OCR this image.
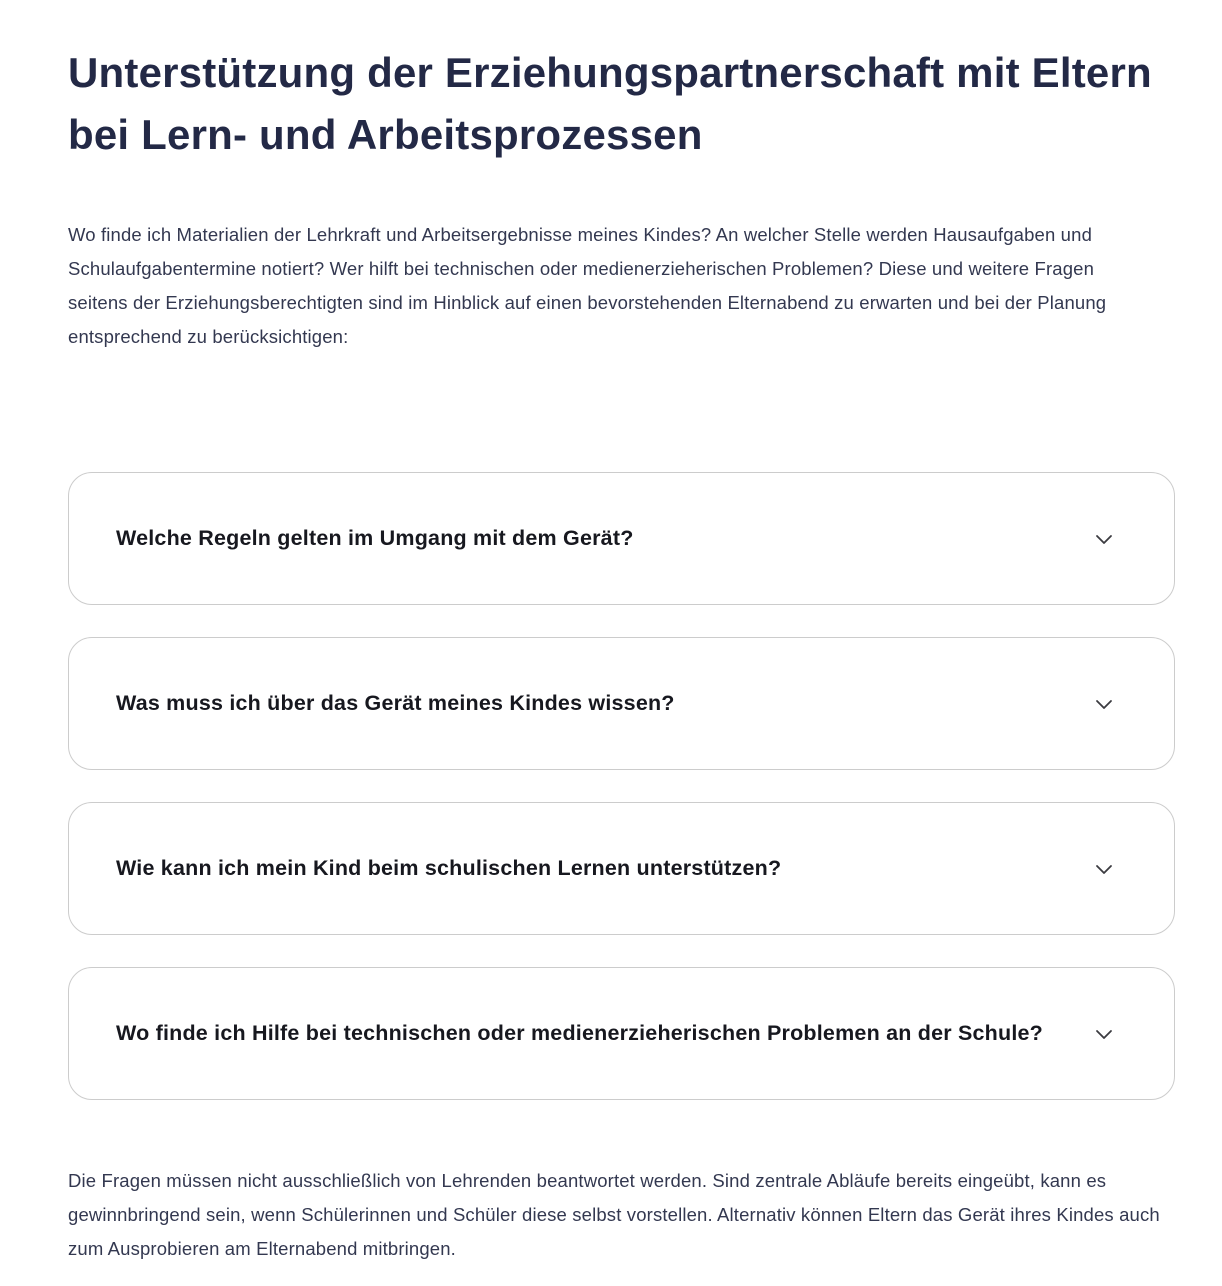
Unterstützung der Erziehungspartnerschaft mit Eltern bei Lern- und Arbeitsprozessen

Wo finde ich Materialien der Lehrkraft und Arbeitsergebnisse meines Kindes? An welcher Stelle werden Hausaufgaben und Schulaufgabentermine notiert? Wer hilft bei technischen oder medienerzieherischen Problemen? Diese und weitere Fragen seitens der Erziehungsberechtigten sind im Hinblick auf einen bevorstehenden Elternabend zu erwarten und bei der Planung entsprechend zu berücksichtigen:

Welche Regeln gelten im Umgang mit dem Gerät?
Was muss ich über das Gerät meines Kindes wissen?
Wie kann ich mein Kind beim schulischen Lernen unterstützen?
Wo finde ich Hilfe bei technischen oder medienerzieherischen Problemen an der Schule?

Die Fragen müssen nicht ausschließlich von Lehrenden beantwortet werden. Sind zentrale Abläufe bereits eingeübt, kann es gewinnbringend sein, wenn Schülerinnen und Schüler diese selbst vorstellen. Alternativ können Eltern das Gerät ihres Kindes auch zum Ausprobieren am Elternabend mitbringen.
